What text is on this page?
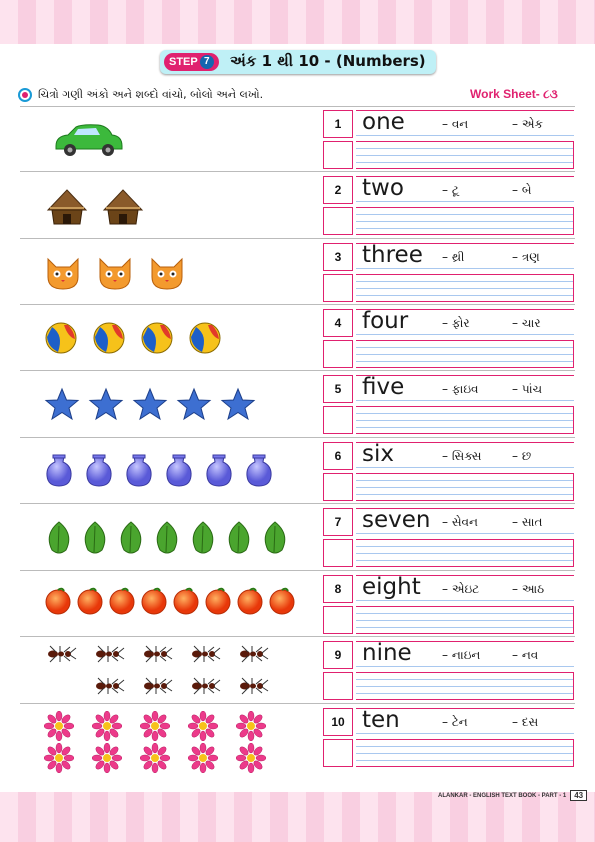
STEP 7 અંક 1 થી 10 - (Numbers)
ચિત્રો ગણી અંકો અને શબ્દો વાંચો, બોલો અને લખો.	Work Sheet- ૮૩
1
2
3
4
5
6
7
8
9
10
ALANKAR - ENGLISH TEXT BOOK - PART - 1	43
